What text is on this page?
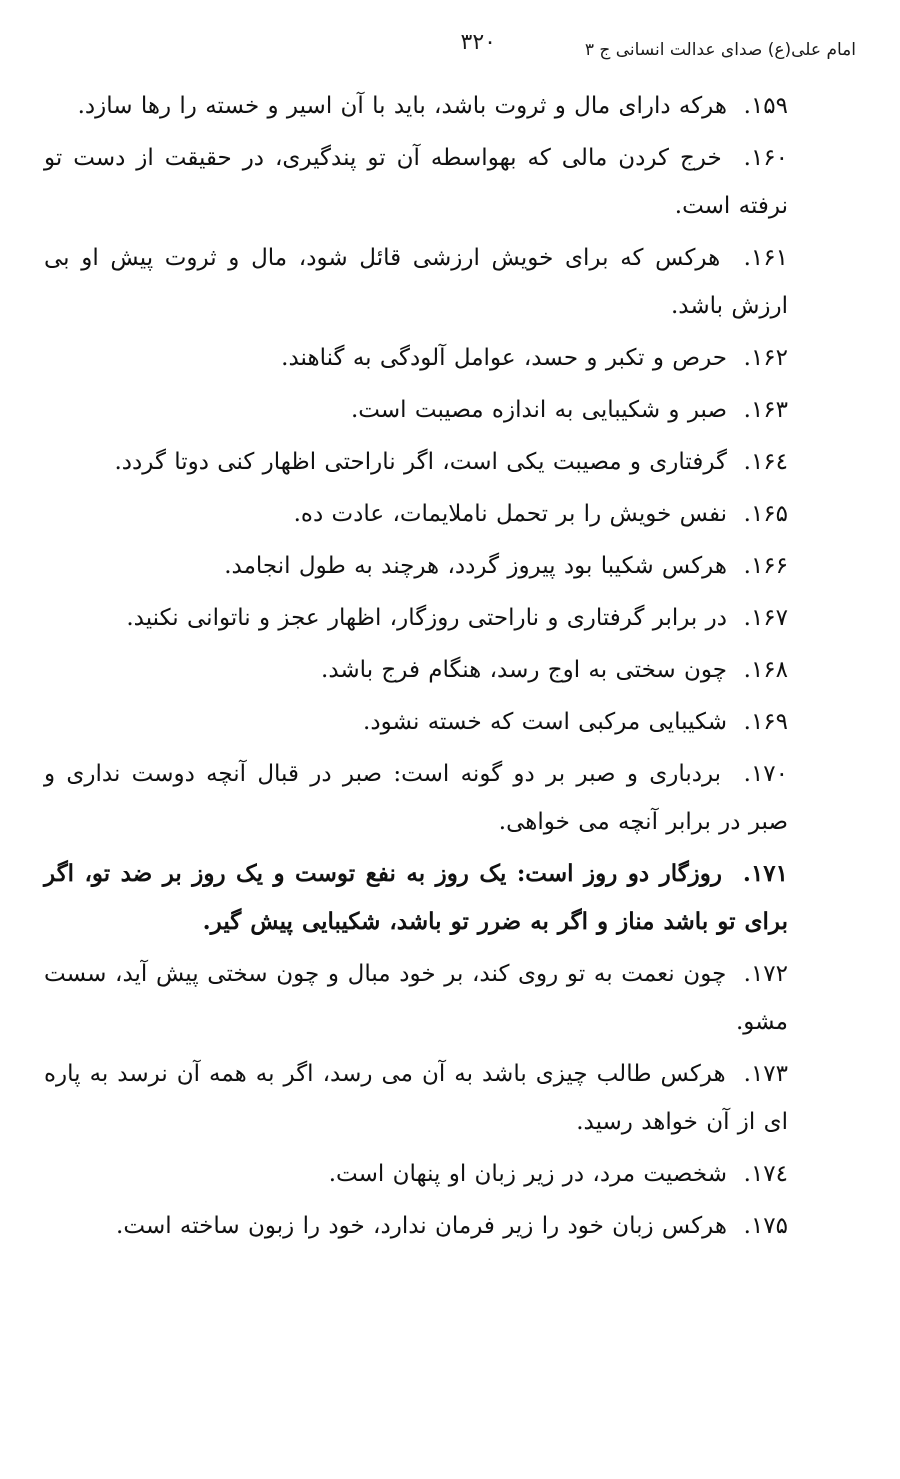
امام علی(ع) صدای عدالت انسانی ج ۳
۳۲۰

۱۵۹.  هرکه دارای مال و ثروت باشد، باید با آن اسیر و خسته را رها سازد.

۱۶۰.  خرج کردن مالی که بهواسطه آن تو پندگیری، در حقیقت از دست تو نرفته است.

۱۶۱.  هرکس که برای خویش ارزشی قائل شود، مال و ثروت پیش او بی ارزش باشد.

۱۶۲.  حرص و تکبر و حسد، عوامل آلودگی به گناهند.

۱۶۳.  صبر و شکیبایی به اندازه مصیبت است.

۱۶٤.  گرفتاری و مصیبت یکی است، اگر ناراحتی اظهار کنی دوتا گردد.

۱۶۵.  نفس خویش را بر تحمل ناملایمات، عادت ده.

۱۶۶.  هرکس شکیبا بود پیروز گردد، هرچند به طول انجامد.

۱۶۷.  در برابر گرفتاری و ناراحتی روزگار، اظهار عجز و ناتوانی نکنید.

۱۶۸.  چون سختی به اوج رسد، هنگام فرج باشد.

۱۶۹.  شکیبایی مرکبی است که خسته نشود.

۱۷۰.  بردباری و صبر بر دو گونه است: صبر در قبال آنچه دوست نداری و صبر در برابر آنچه می خواهی.

۱۷۱.  روزگار دو روز است: یک روز به نفع توست و یک روز بر ضد تو، اگر برای تو باشد مناز و اگر به ضرر تو باشد، شکیبایی پیش گیر.

۱۷۲.  چون نعمت به تو روی کند، بر خود مبال و چون سختی پیش آید، سست مشو.

۱۷۳.  هرکس طالب چیزی باشد به آن می رسد، اگر به همه آن نرسد به پاره ای از آن خواهد رسید.

۱۷٤.  شخصیت مرد، در زیر زبان او پنهان است.

۱۷۵.  هرکس زبان خود را زیر فرمان ندارد، خود را زبون ساخته است.
